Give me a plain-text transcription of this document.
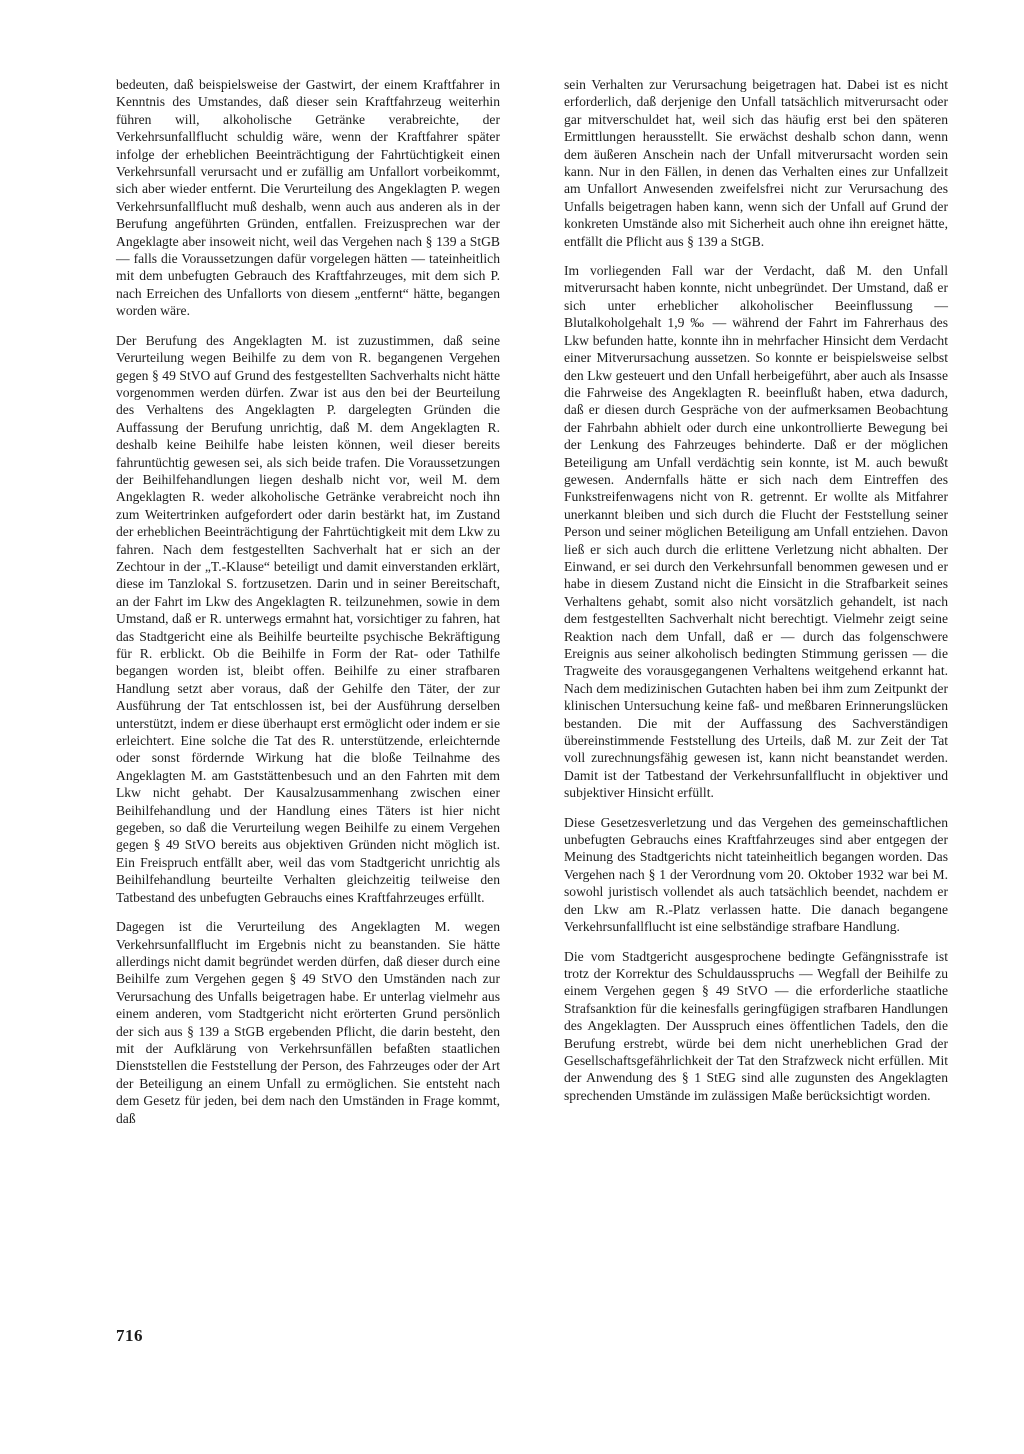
bedeuten, daß beispielsweise der Gastwirt, der einem Kraftfahrer in Kenntnis des Umstandes, daß dieser sein Kraftfahrzeug weiterhin führen will, alkoholische Getränke verabreichte, der Verkehrsunfallflucht schuldig wäre, wenn der Kraftfahrer später infolge der erheblichen Beeinträchtigung der Fahrtüchtigkeit einen Verkehrsunfall verursacht und er zufällig am Unfallort vorbeikommt, sich aber wieder entfernt. Die Verurteilung des Angeklagten P. wegen Verkehrsunfallflucht muß deshalb, wenn auch aus anderen als in der Berufung angeführten Gründen, entfallen. Freizusprechen war der Angeklagte aber insoweit nicht, weil das Vergehen nach § 139 a StGB — falls die Voraussetzungen dafür vorgelegen hätten — tateinheitlich mit dem unbefugten Gebrauch des Kraftfahrzeuges, mit dem sich P. nach Erreichen des Unfallorts von diesem „entfernt“ hätte, begangen worden wäre.

Der Berufung des Angeklagten M. ist zuzustimmen, daß seine Verurteilung wegen Beihilfe zu dem von R. begangenen Vergehen gegen § 49 StVO auf Grund des festgestellten Sachverhalts nicht hätte vorgenommen werden dürfen. Zwar ist aus den bei der Beurteilung des Verhaltens des Angeklagten P. dargelegten Gründen die Auffassung der Berufung unrichtig, daß M. dem Angeklagten R. deshalb keine Beihilfe habe leisten können, weil dieser bereits fahruntüchtig gewesen sei, als sich beide trafen. Die Voraussetzungen der Beihilfehandlungen liegen deshalb nicht vor, weil M. dem Angeklagten R. weder alkoholische Getränke verabreicht noch ihn zum Weitertrinken aufgefordert oder darin bestärkt hat, im Zustand der erheblichen Beeinträchtigung der Fahrtüchtigkeit mit dem Lkw zu fahren. Nach dem festgestellten Sachverhalt hat er sich an der Zechtour in der „T.-Klause“ beteiligt und damit einverstanden erklärt, diese im Tanzlokal S. fortzusetzen. Darin und in seiner Bereitschaft, an der Fahrt im Lkw des Angeklagten R. teilzunehmen, sowie in dem Umstand, daß er R. unterwegs ermahnt hat, vorsichtiger zu fahren, hat das Stadtgericht eine als Beihilfe beurteilte psychische Bekräftigung für R. erblickt. Ob die Beihilfe in Form der Rat- oder Tathilfe begangen worden ist, bleibt offen. Beihilfe zu einer strafbaren Handlung setzt aber voraus, daß der Gehilfe den Täter, der zur Ausführung der Tat entschlossen ist, bei der Ausführung derselben unterstützt, indem er diese überhaupt erst ermöglicht oder indem er sie erleichtert. Eine solche die Tat des R. unterstützende, erleichternde oder sonst fördernde Wirkung hat die bloße Teilnahme des Angeklagten M. am Gaststättenbesuch und an den Fahrten mit dem Lkw nicht gehabt. Der Kausalzusammenhang zwischen einer Beihilfehandlung und der Handlung eines Täters ist hier nicht gegeben, so daß die Verurteilung wegen Beihilfe zu einem Vergehen gegen § 49 StVO bereits aus objektiven Gründen nicht möglich ist. Ein Freispruch entfällt aber, weil das vom Stadtgericht unrichtig als Beihilfehandlung beurteilte Verhalten gleichzeitig teilweise den Tatbestand des unbefugten Gebrauchs eines Kraftfahrzeuges erfüllt.

Dagegen ist die Verurteilung des Angeklagten M. wegen Verkehrsunfallflucht im Ergebnis nicht zu beanstanden. Sie hätte allerdings nicht damit begründet werden dürfen, daß dieser durch eine Beihilfe zum Vergehen gegen § 49 StVO den Umständen nach zur Verursachung des Unfalls beigetragen habe. Er unterlag vielmehr aus einem anderen, vom Stadtgericht nicht erörterten Grund persönlich der sich aus § 139 a StGB ergebenden Pflicht, die darin besteht, den mit der Aufklärung von Verkehrsunfällen befaßten staatlichen Dienststellen die Feststellung der Person, des Fahrzeuges oder der Art der Beteiligung an einem Unfall zu ermöglichen. Sie entsteht nach dem Gesetz für jeden, bei dem nach den Umständen in Frage kommt, daß

sein Verhalten zur Verursachung beigetragen hat. Dabei ist es nicht erforderlich, daß derjenige den Unfall tatsächlich mitverursacht oder gar mitverschuldet hat, weil sich das häufig erst bei den späteren Ermittlungen herausstellt. Sie erwächst deshalb schon dann, wenn dem äußeren Anschein nach der Unfall mitverursacht worden sein kann. Nur in den Fällen, in denen das Verhalten eines zur Unfallzeit am Unfallort Anwesenden zweifelsfrei nicht zur Verursachung des Unfalls beigetragen haben kann, wenn sich der Unfall auf Grund der konkreten Umstände also mit Sicherheit auch ohne ihn ereignet hätte, entfällt die Pflicht aus § 139 a StGB.

Im vorliegenden Fall war der Verdacht, daß M. den Unfall mitverursacht haben konnte, nicht unbegründet. Der Umstand, daß er sich unter erheblicher alkoholischer Beeinflussung — Blutalkoholgehalt 1,9 ‰ — während der Fahrt im Fahrerhaus des Lkw befunden hatte, konnte ihn in mehrfacher Hinsicht dem Verdacht einer Mitverursachung aussetzen. So konnte er beispielsweise selbst den Lkw gesteuert und den Unfall herbeigeführt, aber auch als Insasse die Fahrweise des Angeklagten R. beeinflußt haben, etwa dadurch, daß er diesen durch Gespräche von der aufmerksamen Beobachtung der Fahrbahn abhielt oder durch eine unkontrollierte Bewegung bei der Lenkung des Fahrzeuges behinderte. Daß er der möglichen Beteiligung am Unfall verdächtig sein konnte, ist M. auch bewußt gewesen. Andernfalls hätte er sich nach dem Eintreffen des Funkstreifenwagens nicht von R. getrennt. Er wollte als Mitfahrer unerkannt bleiben und sich durch die Flucht der Feststellung seiner Person und seiner möglichen Beteiligung am Unfall entziehen. Davon ließ er sich auch durch die erlittene Verletzung nicht abhalten. Der Einwand, er sei durch den Verkehrsunfall benommen gewesen und er habe in diesem Zustand nicht die Einsicht in die Strafbarkeit seines Verhaltens gehabt, somit also nicht vorsätzlich gehandelt, ist nach dem festgestellten Sachverhalt nicht berechtigt. Vielmehr zeigt seine Reaktion nach dem Unfall, daß er — durch das folgenschwere Ereignis aus seiner alkoholisch bedingten Stimmung gerissen — die Tragweite des vorausgegangenen Verhaltens weitgehend erkannt hat. Nach dem medizinischen Gutachten haben bei ihm zum Zeitpunkt der klinischen Untersuchung keine faß- und meßbaren Erinnerungslücken bestanden. Die mit der Auffassung des Sachverständigen übereinstimmende Feststellung des Urteils, daß M. zur Zeit der Tat voll zurechnungsfähig gewesen ist, kann nicht beanstandet werden. Damit ist der Tatbestand der Verkehrsunfallflucht in objektiver und subjektiver Hinsicht erfüllt.

Diese Gesetzesverletzung und das Vergehen des gemeinschaftlichen unbefugten Gebrauchs eines Kraftfahrzeuges sind aber entgegen der Meinung des Stadtgerichts nicht tateinheitlich begangen worden. Das Vergehen nach § 1 der Verordnung vom 20. Oktober 1932 war bei M. sowohl juristisch vollendet als auch tatsächlich beendet, nachdem er den Lkw am R.-Platz verlassen hatte. Die danach begangene Verkehrsunfallflucht ist eine selbständige strafbare Handlung.

Die vom Stadtgericht ausgesprochene bedingte Gefängnisstrafe ist trotz der Korrektur des Schuldausspruchs — Wegfall der Beihilfe zu einem Vergehen gegen § 49 StVO — die erforderliche staatliche Strafsanktion für die keinesfalls geringfügigen strafbaren Handlungen des Angeklagten. Der Ausspruch eines öffentlichen Tadels, den die Berufung erstrebt, würde bei dem nicht unerheblichen Grad der Gesellschaftsgefährlichkeit der Tat den Strafzweck nicht erfüllen. Mit der Anwendung des § 1 StEG sind alle zugunsten des Angeklagten sprechenden Umstände im zulässigen Maße berücksichtigt worden.

716
